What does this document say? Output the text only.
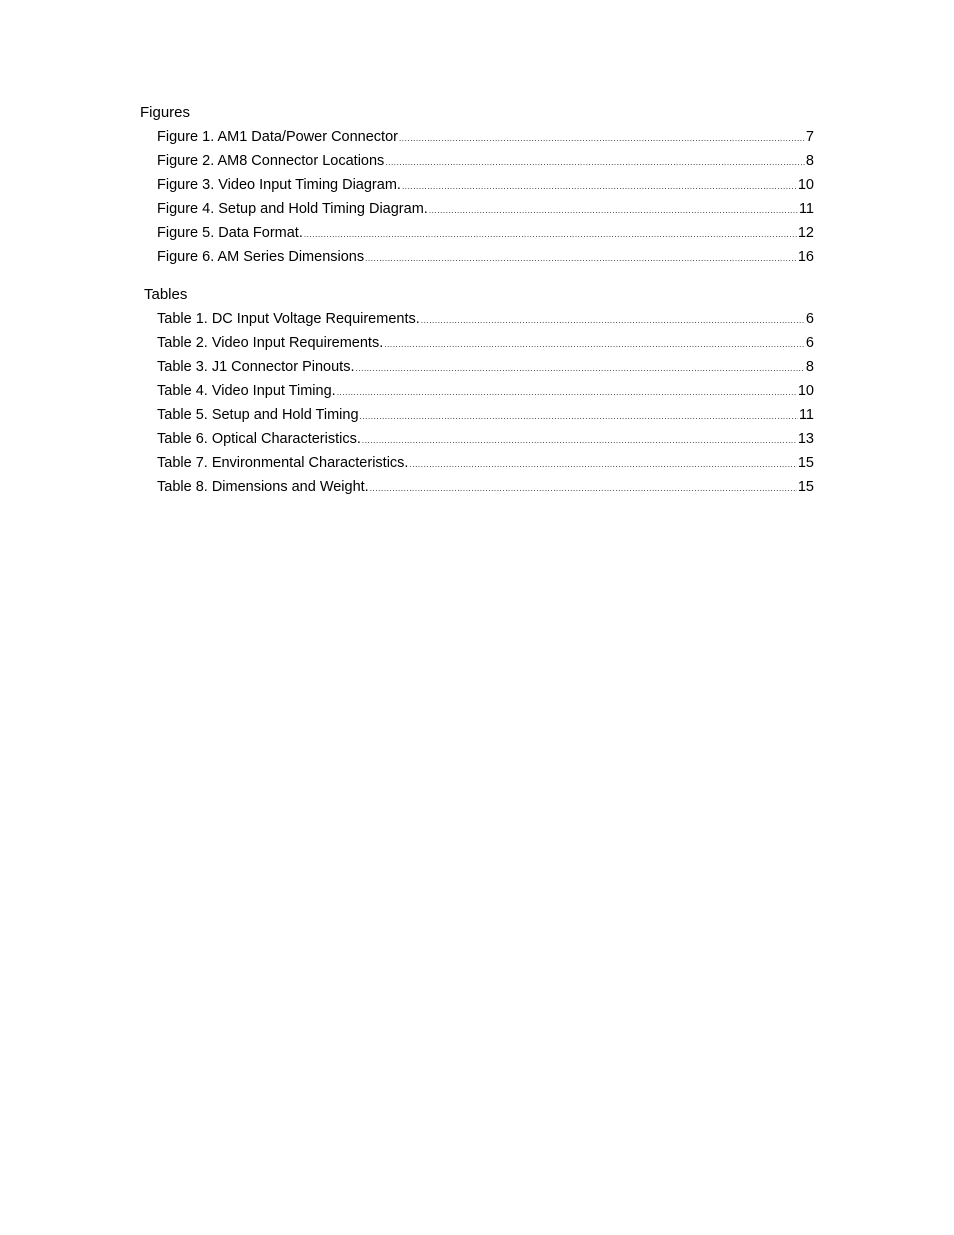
Figures
Figure 1. AM1 Data/Power Connector .....	7
Figure 2. AM8 Connector Locations .....	8
Figure 3. Video Input Timing Diagram. .....	10
Figure 4. Setup and Hold Timing Diagram. .....	11
Figure 5. Data Format. .....	12
Figure 6. AM Series Dimensions .....	16
Tables
Table 1. DC Input Voltage Requirements. .....	6
Table 2. Video Input Requirements. .....	6
Table 3. J1 Connector Pinouts. .....	8
Table 4. Video Input Timing. .....	10
Table 5. Setup and Hold Timing .....	11
Table 6. Optical Characteristics. .....	13
Table 7. Environmental Characteristics. .....	15
Table 8. Dimensions and Weight. .....	15
